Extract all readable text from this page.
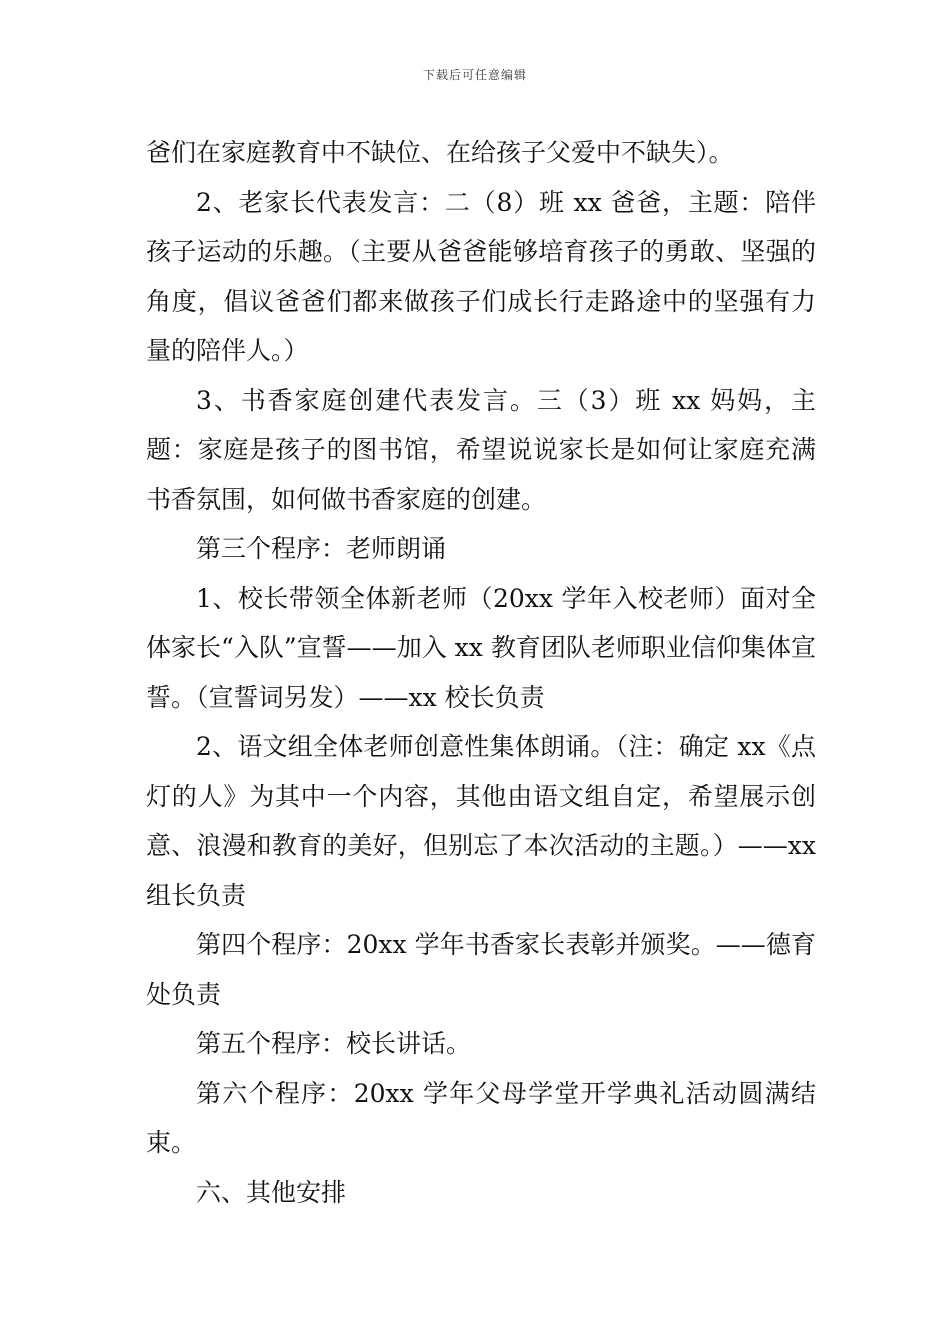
下载后可任意编辑

爸们在家庭教育中不缺位、在给孩子父爱中不缺失）。

2、老家长代表发言：二（8）班 xx 爸爸，主题：陪伴孩子运动的乐趣。（主要从爸爸能够培育孩子的勇敢、坚强的角度，倡议爸爸们都来做孩子们成长行走路途中的坚强有力量的陪伴人。）

3、书香家庭创建代表发言。三（3）班 xx 妈妈，主题：家庭是孩子的图书馆，希望说说家长是如何让家庭充满书香氛围，如何做书香家庭的创建。

第三个程序：老师朗诵

1、校长带领全体新老师（20xx 学年入校老师）面对全体家长“入队”宣誓——加入 xx 教育团队老师职业信仰集体宣誓。（宣誓词另发）——xx 校长负责

2、语文组全体老师创意性集体朗诵。（注：确定 xx《点灯的人》为其中一个内容，其他由语文组自定，希望展示创意、浪漫和教育的美好，但别忘了本次活动的主题。）——xx 组长负责

第四个程序：20xx 学年书香家长表彰并颁奖。——德育处负责

第五个程序：校长讲话。

第六个程序：20xx 学年父母学堂开学典礼活动圆满结束。

六、其他安排
